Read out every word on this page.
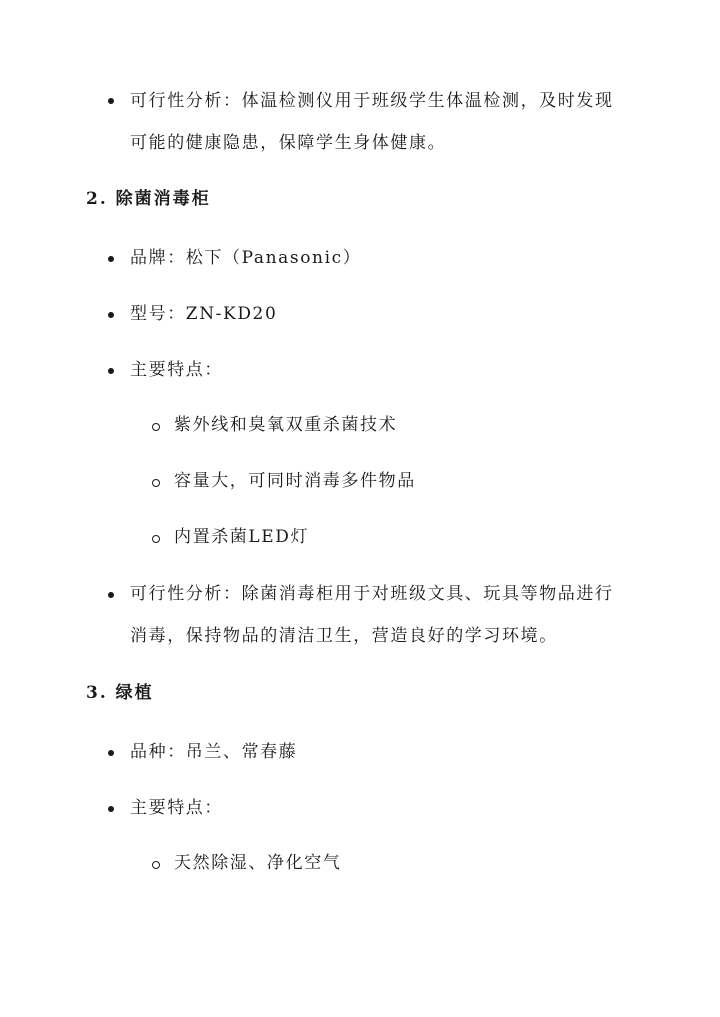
可行性分析：体温检测仪用于班级学生体温检测，及时发现
可能的健康隐患，保障学生身体健康。
2. 除菌消毒柜
品牌：松下（Panasonic）
型号：ZN-KD20
主要特点：
紫外线和臭氧双重杀菌技术
容量大，可同时消毒多件物品
内置杀菌LED灯
可行性分析：除菌消毒柜用于对班级文具、玩具等物品进行
消毒，保持物品的清洁卫生，营造良好的学习环境。
3. 绿植
品种：吊兰、常春藤
主要特点：
天然除湿、净化空气
